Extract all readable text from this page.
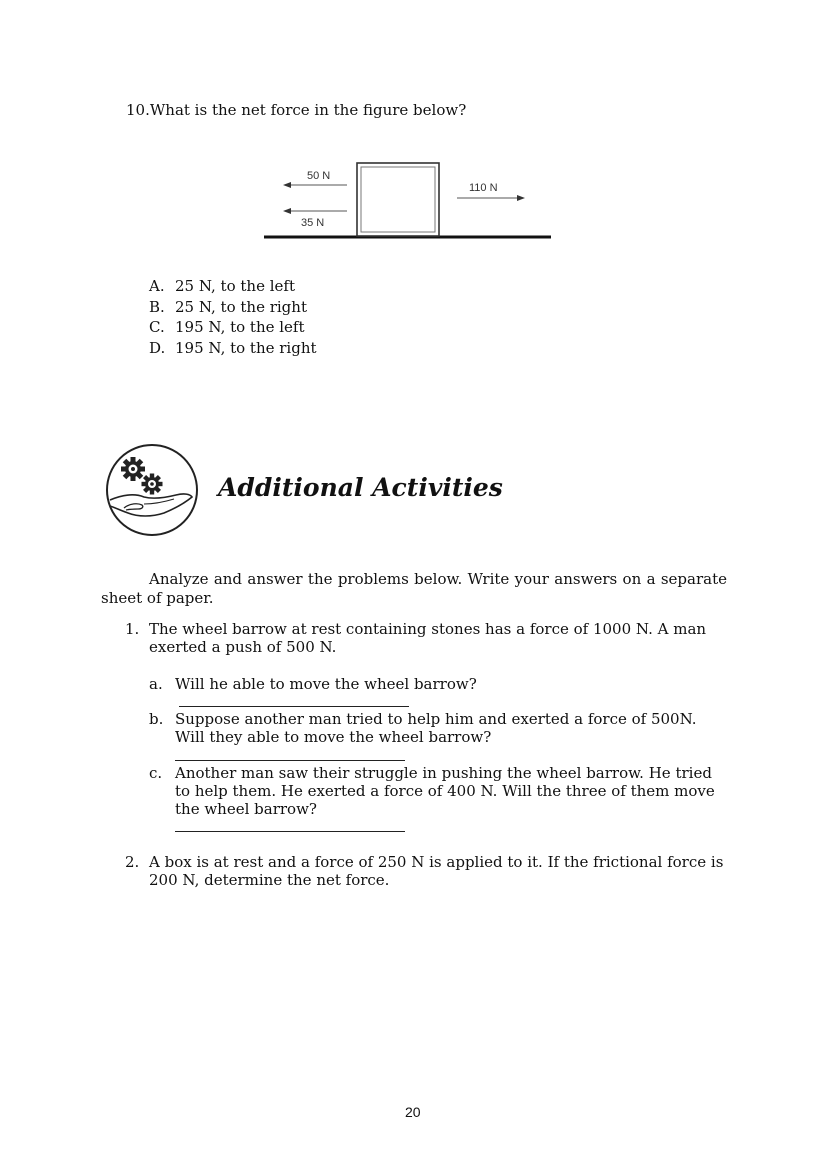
10.What is the net force in the figure below?
50 N
35 N
110 N
A. 25 N, to the left
B. 25 N, to the right
C. 195 N, to the left
D. 195 N, to the right
Additional Activities
Analyze and answer the problems below. Write your answers on a separate sheet of paper.
1. The wheel barrow at rest containing stones has a force of 1000 N. A man exerted a push of 500 N.
a. Will he able to move the wheel barrow?
b. Suppose another man tried to help him and exerted a force of 500N. Will they able to move the wheel barrow?
c. Another man saw their struggle in pushing the wheel barrow. He tried to help them. He exerted a force of 400 N. Will the three of them move the wheel barrow?
2. A box is at rest and a force of 250 N is applied to it. If the frictional force is 200 N, determine the net force.
20
